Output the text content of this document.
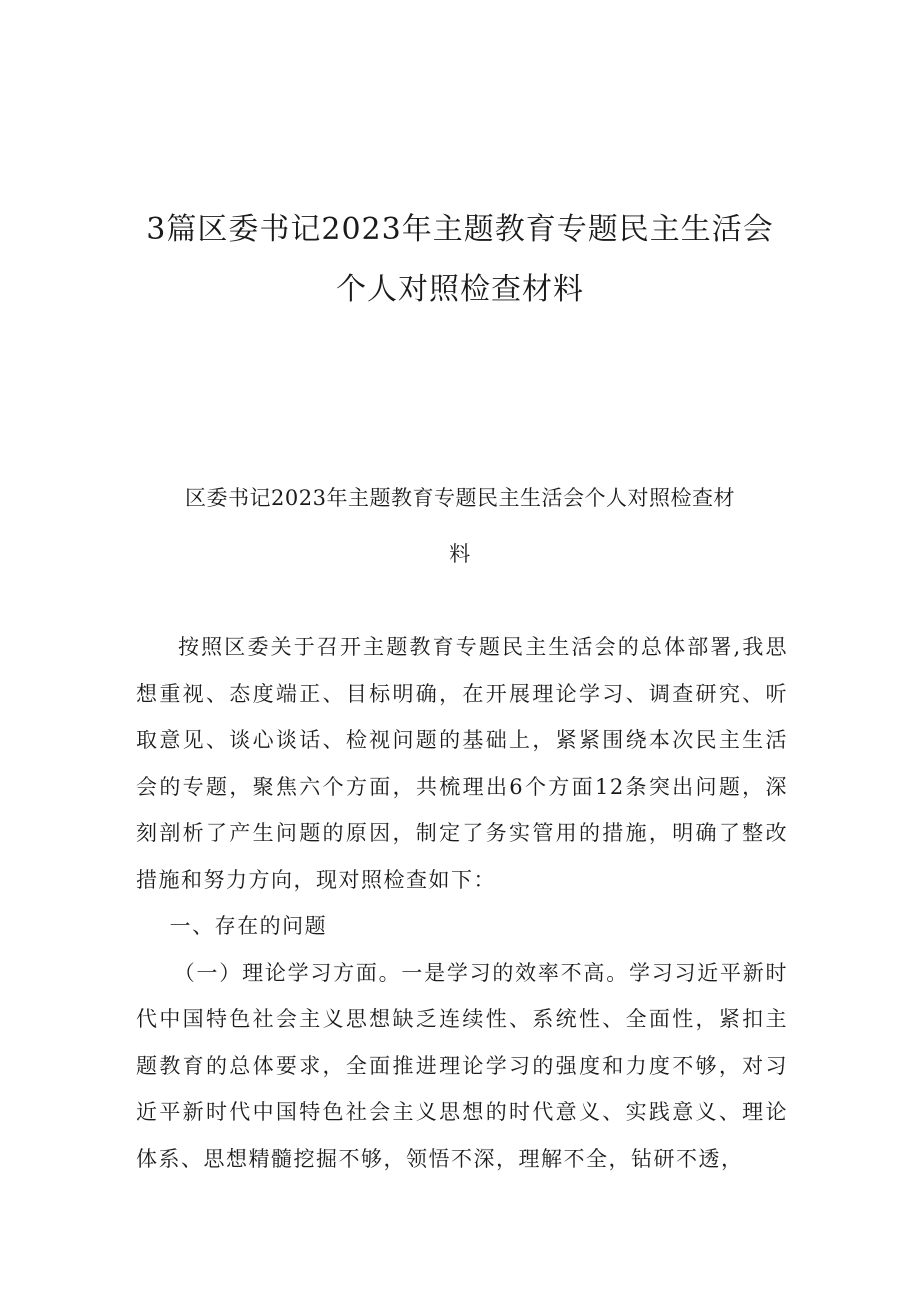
3篇区委书记2023年主题教育专题民主生活会
个人对照检查材料
区委书记2023年主题教育专题民主生活会个人对照检查材
料

按照区委关于召开主题教育专题民主生活会的总体部署,我思想重视、态度端正、目标明确，在开展理论学习、调查研究、听取意见、谈心谈话、检视问题的基础上，紧紧围绕本次民主生活会的专题，聚焦六个方面，共梳理出6个方面12条突出问题，深刻剖析了产生问题的原因，制定了务实管用的措施，明确了整改措施和努力方向，现对照检查如下：

一、存在的问题

（一）理论学习方面。一是学习的效率不高。学习习近平新时代中国特色社会主义思想缺乏连续性、系统性、全面性，紧扣主题教育的总体要求，全面推进理论学习的强度和力度不够，对习近平新时代中国特色社会主义思想的时代意义、实践意义、理论体系、思想精髓挖掘不够，领悟不深，理解不全，钻研不透，
